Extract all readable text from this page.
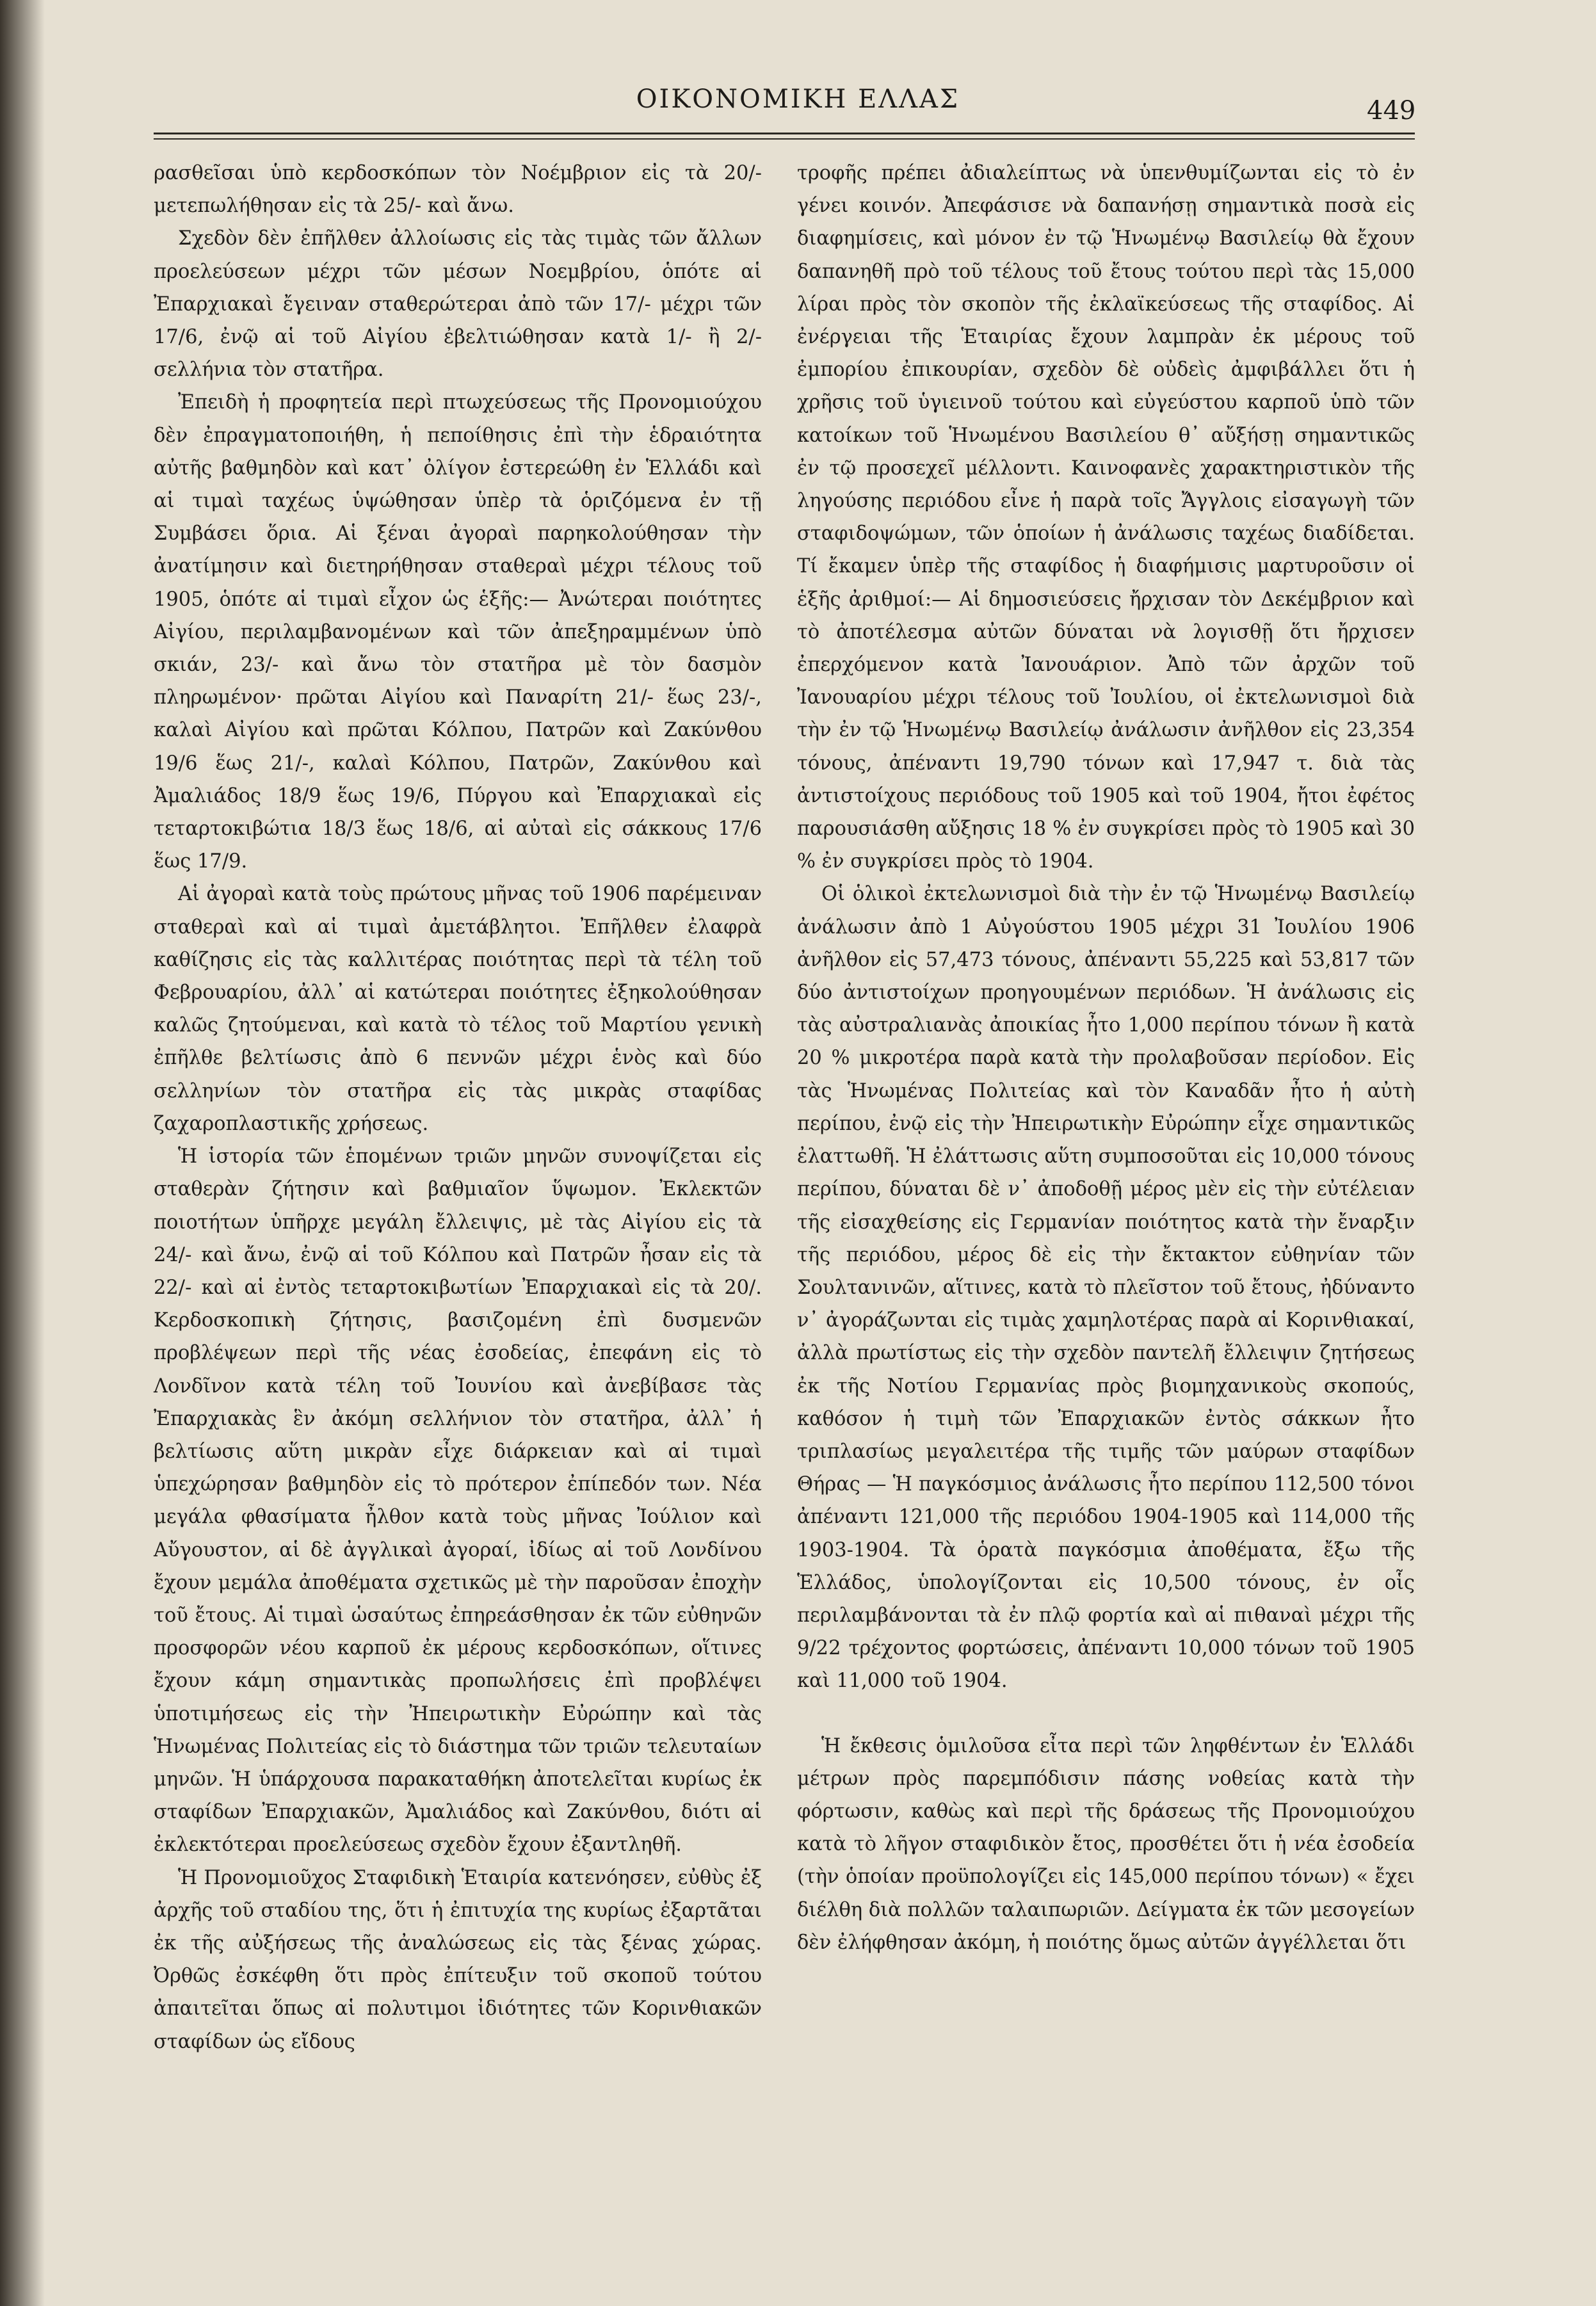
ΟΙΚΟΝΟΜΙΚΗ ΕΛΛΑΣ	449

ρασθεῖσαι ὑπὸ κερδοσκόπων τὸν Νοέμβριον εἰς τὰ 20/- μετεπωλήθησαν εἰς τὰ 25/- καὶ ἄνω.

Σχεδὸν δὲν ἐπῆλθεν ἀλλοίωσις εἰς τὰς τιμὰς τῶν ἄλλων προελεύσεων μέχρι τῶν μέσων Νοεμβρίου, ὁπότε αἱ Ἐπαρχιακαὶ ἔγειναν σταθερώτεραι ἀπὸ τῶν 17/- μέχρι τῶν 17/6, ἐνῷ αἱ τοῦ Αἰγίου ἐβελτιώθησαν κατὰ 1/- ἢ 2/- σελλήνια τὸν στατῆρα.

Ἐπειδὴ ἡ προφητεία περὶ πτωχεύσεως τῆς Προνομιούχου δὲν ἐπραγματοποιήθη, ἡ πεποίθησις ἐπὶ τὴν ἑδραιότητα αὐτῆς βαθμηδὸν καὶ κατ᾽ ὀλίγον ἐστερεώθη ἐν Ἑλλάδι καὶ αἱ τιμαὶ ταχέως ὑψώθησαν ὑπὲρ τὰ ὁριζόμενα ἐν τῇ Συμβάσει ὅρια. Αἱ ξέναι ἀγοραὶ παρηκολούθησαν τὴν ἀνατίμησιν καὶ διετηρήθησαν σταθεραὶ μέχρι τέλους τοῦ 1905, ὁπότε αἱ τιμαὶ εἶχον ὡς ἑξῆς:— Ἀνώτεραι ποιότητες Αἰγίου, περιλαμβανομένων καὶ τῶν ἀπεξηραμμένων ὑπὸ σκιάν, 23/- καὶ ἄνω τὸν στατῆρα μὲ τὸν δασμὸν πληρωμένον· πρῶται Αἰγίου καὶ Παναρίτη 21/- ἕως 23/-, καλαὶ Αἰγίου καὶ πρῶται Κόλπου, Πατρῶν καὶ Ζακύνθου 19/6 ἕως 21/-, καλαὶ Κόλπου, Πατρῶν, Ζακύνθου καὶ Ἀμαλιάδος 18/9 ἕως 19/6, Πύργου καὶ Ἐπαρχιακαὶ εἰς τεταρτοκιβώτια 18/3 ἕως 18/6, αἱ αὐταὶ εἰς σάκκους 17/6 ἕως 17/9.

Αἱ ἀγοραὶ κατὰ τοὺς πρώτους μῆνας τοῦ 1906 παρέμειναν σταθεραὶ καὶ αἱ τιμαὶ ἀμετάβλητοι. Ἐπῆλθεν ἐλαφρὰ καθίζησις εἰς τὰς καλλιτέρας ποιότητας περὶ τὰ τέλη τοῦ Φεβρουαρίου, ἀλλ᾽ αἱ κατώτεραι ποιότητες ἐξηκολούθησαν καλῶς ζητούμεναι, καὶ κατὰ τὸ τέλος τοῦ Μαρτίου γενικὴ ἐπῆλθε βελτίωσις ἀπὸ 6 πεννῶν μέχρι ἑνὸς καὶ δύο σελληνίων τὸν στατῆρα εἰς τὰς μικρὰς σταφίδας ζαχαροπλαστικῆς χρήσεως.

Ἡ ἱστορία τῶν ἑπομένων τριῶν μηνῶν συνοψίζεται εἰς σταθερὰν ζήτησιν καὶ βαθμιαῖον ὕψωμον. Ἐκλεκτῶν ποιοτήτων ὑπῆρχε μεγάλη ἔλλειψις, μὲ τὰς Αἰγίου εἰς τὰ 24/- καὶ ἄνω, ἐνῷ αἱ τοῦ Κόλπου καὶ Πατρῶν ἦσαν εἰς τὰ 22/- καὶ αἱ ἐντὸς τεταρτοκιβωτίων Ἐπαρχιακαὶ εἰς τὰ 20/. Κερδοσκοπικὴ ζήτησις, βασιζομένη ἐπὶ δυσμενῶν προβλέψεων περὶ τῆς νέας ἐσοδείας, ἐπεφάνη εἰς τὸ Λονδῖνον κατὰ τέλη τοῦ Ἰουνίου καὶ ἀνεβίβασε τὰς Ἐπαρχιακὰς ἓν ἀκόμη σελλήνιον τὸν στατῆρα, ἀλλ᾽ ἡ βελτίωσις αὕτη μικρὰν εἶχε διάρκειαν καὶ αἱ τιμαὶ ὑπεχώρησαν βαθμηδὸν εἰς τὸ πρότερον ἐπίπεδόν των. Νέα μεγάλα φθασίματα ἦλθον κατὰ τοὺς μῆνας Ἰούλιον καὶ Αὔγουστον, αἱ δὲ ἀγγλικαὶ ἀγοραί, ἰδίως αἱ τοῦ Λονδίνου ἔχουν μεμάλα ἀποθέματα σχετικῶς μὲ τὴν παροῦσαν ἐποχὴν τοῦ ἔτους. Αἱ τιμαὶ ὡσαύτως ἐπηρεάσθησαν ἐκ τῶν εὐθηνῶν προσφορῶν νέου καρποῦ ἐκ μέρους κερδοσκόπων, οἵτινες ἔχουν κάμη σημαντικὰς προπωλήσεις ἐπὶ προβλέψει ὑποτιμήσεως εἰς τὴν Ἠπειρωτικὴν Εὐρώπην καὶ τὰς Ἡνωμένας Πολιτείας εἰς τὸ διάστημα τῶν τριῶν τελευταίων μηνῶν. Ἡ ὑπάρχουσα παρακαταθήκη ἀποτελεῖται κυρίως ἐκ σταφίδων Ἐπαρχιακῶν, Ἀμαλιάδος καὶ Ζακύνθου, διότι αἱ ἐκλεκτότεραι προελεύσεως σχεδὸν ἔχουν ἐξαντληθῆ.

Ἡ Προνομιοῦχος Σταφιδικὴ Ἑταιρία κατενόησεν, εὐθὺς ἐξ ἀρχῆς τοῦ σταδίου της, ὅτι ἡ ἐπιτυχία της κυρίως ἐξαρτᾶται ἐκ τῆς αὐξήσεως τῆς ἀναλώσεως εἰς τὰς ξένας χώρας. Ὀρθῶς ἐσκέφθη ὅτι πρὸς ἐπίτευξιν τοῦ σκοποῦ τούτου ἀπαιτεῖται ὅπως αἱ πολυτιμοι ἰδιότητες τῶν Κορινθιακῶν σταφίδων ὡς εἴδους

τροφῆς πρέπει ἀδιαλείπτως νὰ ὑπενθυμίζωνται εἰς τὸ ἐν γένει κοινόν. Ἀπεφάσισε νὰ δαπανήσῃ σημαντικὰ ποσὰ εἰς διαφημίσεις, καὶ μόνον ἐν τῷ Ἡνωμένῳ Βασιλείῳ θὰ ἔχουν δαπανηθῆ πρὸ τοῦ τέλους τοῦ ἔτους τούτου περὶ τὰς 15,000 λίραι πρὸς τὸν σκοπὸν τῆς ἐκλαϊκεύσεως τῆς σταφίδος. Αἱ ἐνέργειαι τῆς Ἑταιρίας ἔχουν λαμπρὰν ἐκ μέρους τοῦ ἐμπορίου ἐπικουρίαν, σχεδὸν δὲ οὐδεὶς ἀμφιβάλλει ὅτι ἡ χρῆσις τοῦ ὑγιεινοῦ τούτου καὶ εὐγεύστου καρποῦ ὑπὸ τῶν κατοίκων τοῦ Ἡνωμένου Βασιλείου θ᾽ αὔξήσῃ σημαντικῶς ἐν τῷ προσεχεῖ μέλλοντι. Καινοφανὲς χαρακτηριστικὸν τῆς ληγούσης περιόδου εἶνε ἡ παρὰ τοῖς Ἄγγλοις εἰσαγωγὴ τῶν σταφιδοψώμων, τῶν ὁποίων ἡ ἀνάλωσις ταχέως διαδίδεται. Τί ἔκαμεν ὑπὲρ τῆς σταφίδος ἡ διαφήμισις μαρτυροῦσιν οἱ ἑξῆς ἀριθμοί:— Αἱ δημοσιεύσεις ἤρχισαν τὸν Δεκέμβριον καὶ τὸ ἀποτέλεσμα αὐτῶν δύναται νὰ λογισθῇ ὅτι ἤρχισεν ἐπερχόμενον κατὰ Ἰανουάριον. Ἀπὸ τῶν ἀρχῶν τοῦ Ἰανουαρίου μέχρι τέλους τοῦ Ἰουλίου, οἱ ἐκτελωνισμοὶ διὰ τὴν ἐν τῷ Ἡνωμένῳ Βασιλείῳ ἀνάλωσιν ἀνῆλθον εἰς 23,354 τόνους, ἀπέναντι 19,790 τόνων καὶ 17,947 τ. διὰ τὰς ἀντιστοίχους περιόδους τοῦ 1905 καὶ τοῦ 1904, ἤτοι ἐφέτος παρουσιάσθη αὔξησις 18 % ἐν συγκρίσει πρὸς τὸ 1905 καὶ 30 % ἐν συγκρίσει πρὸς τὸ 1904.

Οἱ ὁλικοὶ ἐκτελωνισμοὶ διὰ τὴν ἐν τῷ Ἡνωμένῳ Βασιλείῳ ἀνάλωσιν ἀπὸ 1 Αὐγούστου 1905 μέχρι 31 Ἰουλίου 1906 ἀνῆλθον εἰς 57,473 τόνους, ἀπέναντι 55,225 καὶ 53,817 τῶν δύο ἀντιστοίχων προηγουμένων περιόδων. Ἡ ἀνάλωσις εἰς τὰς αὐστραλιανὰς ἀποικίας ἦτο 1,000 περίπου τόνων ἢ κατὰ 20 % μικροτέρα παρὰ κατὰ τὴν προλαβοῦσαν περίοδον. Εἰς τὰς Ἡνωμένας Πολιτείας καὶ τὸν Καναδᾶν ἦτο ἡ αὐτὴ περίπου, ἐνῷ εἰς τὴν Ἠπειρωτικὴν Εὐρώπην εἶχε σημαντικῶς ἐλαττωθῆ. Ἡ ἐλάττωσις αὕτη συμποσοῦται εἰς 10,000 τόνους περίπου, δύναται δὲ ν᾽ ἀποδοθῇ μέρος μὲν εἰς τὴν εὐτέλειαν τῆς εἰσαχθείσης εἰς Γερμανίαν ποιότητος κατὰ τὴν ἔναρξιν τῆς περιόδου, μέρος δὲ εἰς τὴν ἔκτακτον εὐθηνίαν τῶν Σουλτανινῶν, αἵτινες, κατὰ τὸ πλεῖστον τοῦ ἔτους, ἠδύναντο ν᾽ ἀγοράζωνται εἰς τιμὰς χαμηλοτέρας παρὰ αἱ Κορινθιακαί, ἀλλὰ πρωτίστως εἰς τὴν σχεδὸν παντελῆ ἔλλειψιν ζητήσεως ἐκ τῆς Νοτίου Γερμανίας πρὸς βιομηχανικοὺς σκοπούς, καθόσον ἡ τιμὴ τῶν Ἐπαρχιακῶν ἐντὸς σάκκων ἦτο τριπλασίως μεγαλειτέρα τῆς τιμῆς τῶν μαύρων σταφίδων Θήρας — Ἡ παγκόσμιος ἀνάλωσις ἦτο περίπου 112,500 τόνοι ἀπέναντι 121,000 τῆς περιόδου 1904-1905 καὶ 114,000 τῆς 1903-1904. Τὰ ὁρατὰ παγκόσμια ἀποθέματα, ἔξω τῆς Ἑλλάδος, ὑπολογίζονται εἰς 10,500 τόνους, ἐν οἷς περιλαμβάνονται τὰ ἐν πλῷ φορτία καὶ αἱ πιθαναὶ μέχρι τῆς 9/22 τρέχοντος φορτώσεις, ἀπέναντι 10,000 τόνων τοῦ 1905 καὶ 11,000 τοῦ 1904.

Ἡ ἔκθεσις ὁμιλοῦσα εἶτα περὶ τῶν ληφθέντων ἐν Ἑλλάδι μέτρων πρὸς παρεμπόδισιν πάσης νοθείας κατὰ τὴν φόρτωσιν, καθὼς καὶ περὶ τῆς δράσεως τῆς Προνομιούχου κατὰ τὸ λῆγον σταφιδικὸν ἔτος, προσθέτει ὅτι ἡ νέα ἐσοδεία (τὴν ὁποίαν προϋπολογίζει εἰς 145,000 περίπου τόνων) « ἔχει διέλθη διὰ πολλῶν ταλαιπωριῶν. Δείγματα ἐκ τῶν μεσογείων δὲν ἐλήφθησαν ἀκόμη, ἡ ποιότης ὅμως αὐτῶν ἀγγέλλεται ὅτι
